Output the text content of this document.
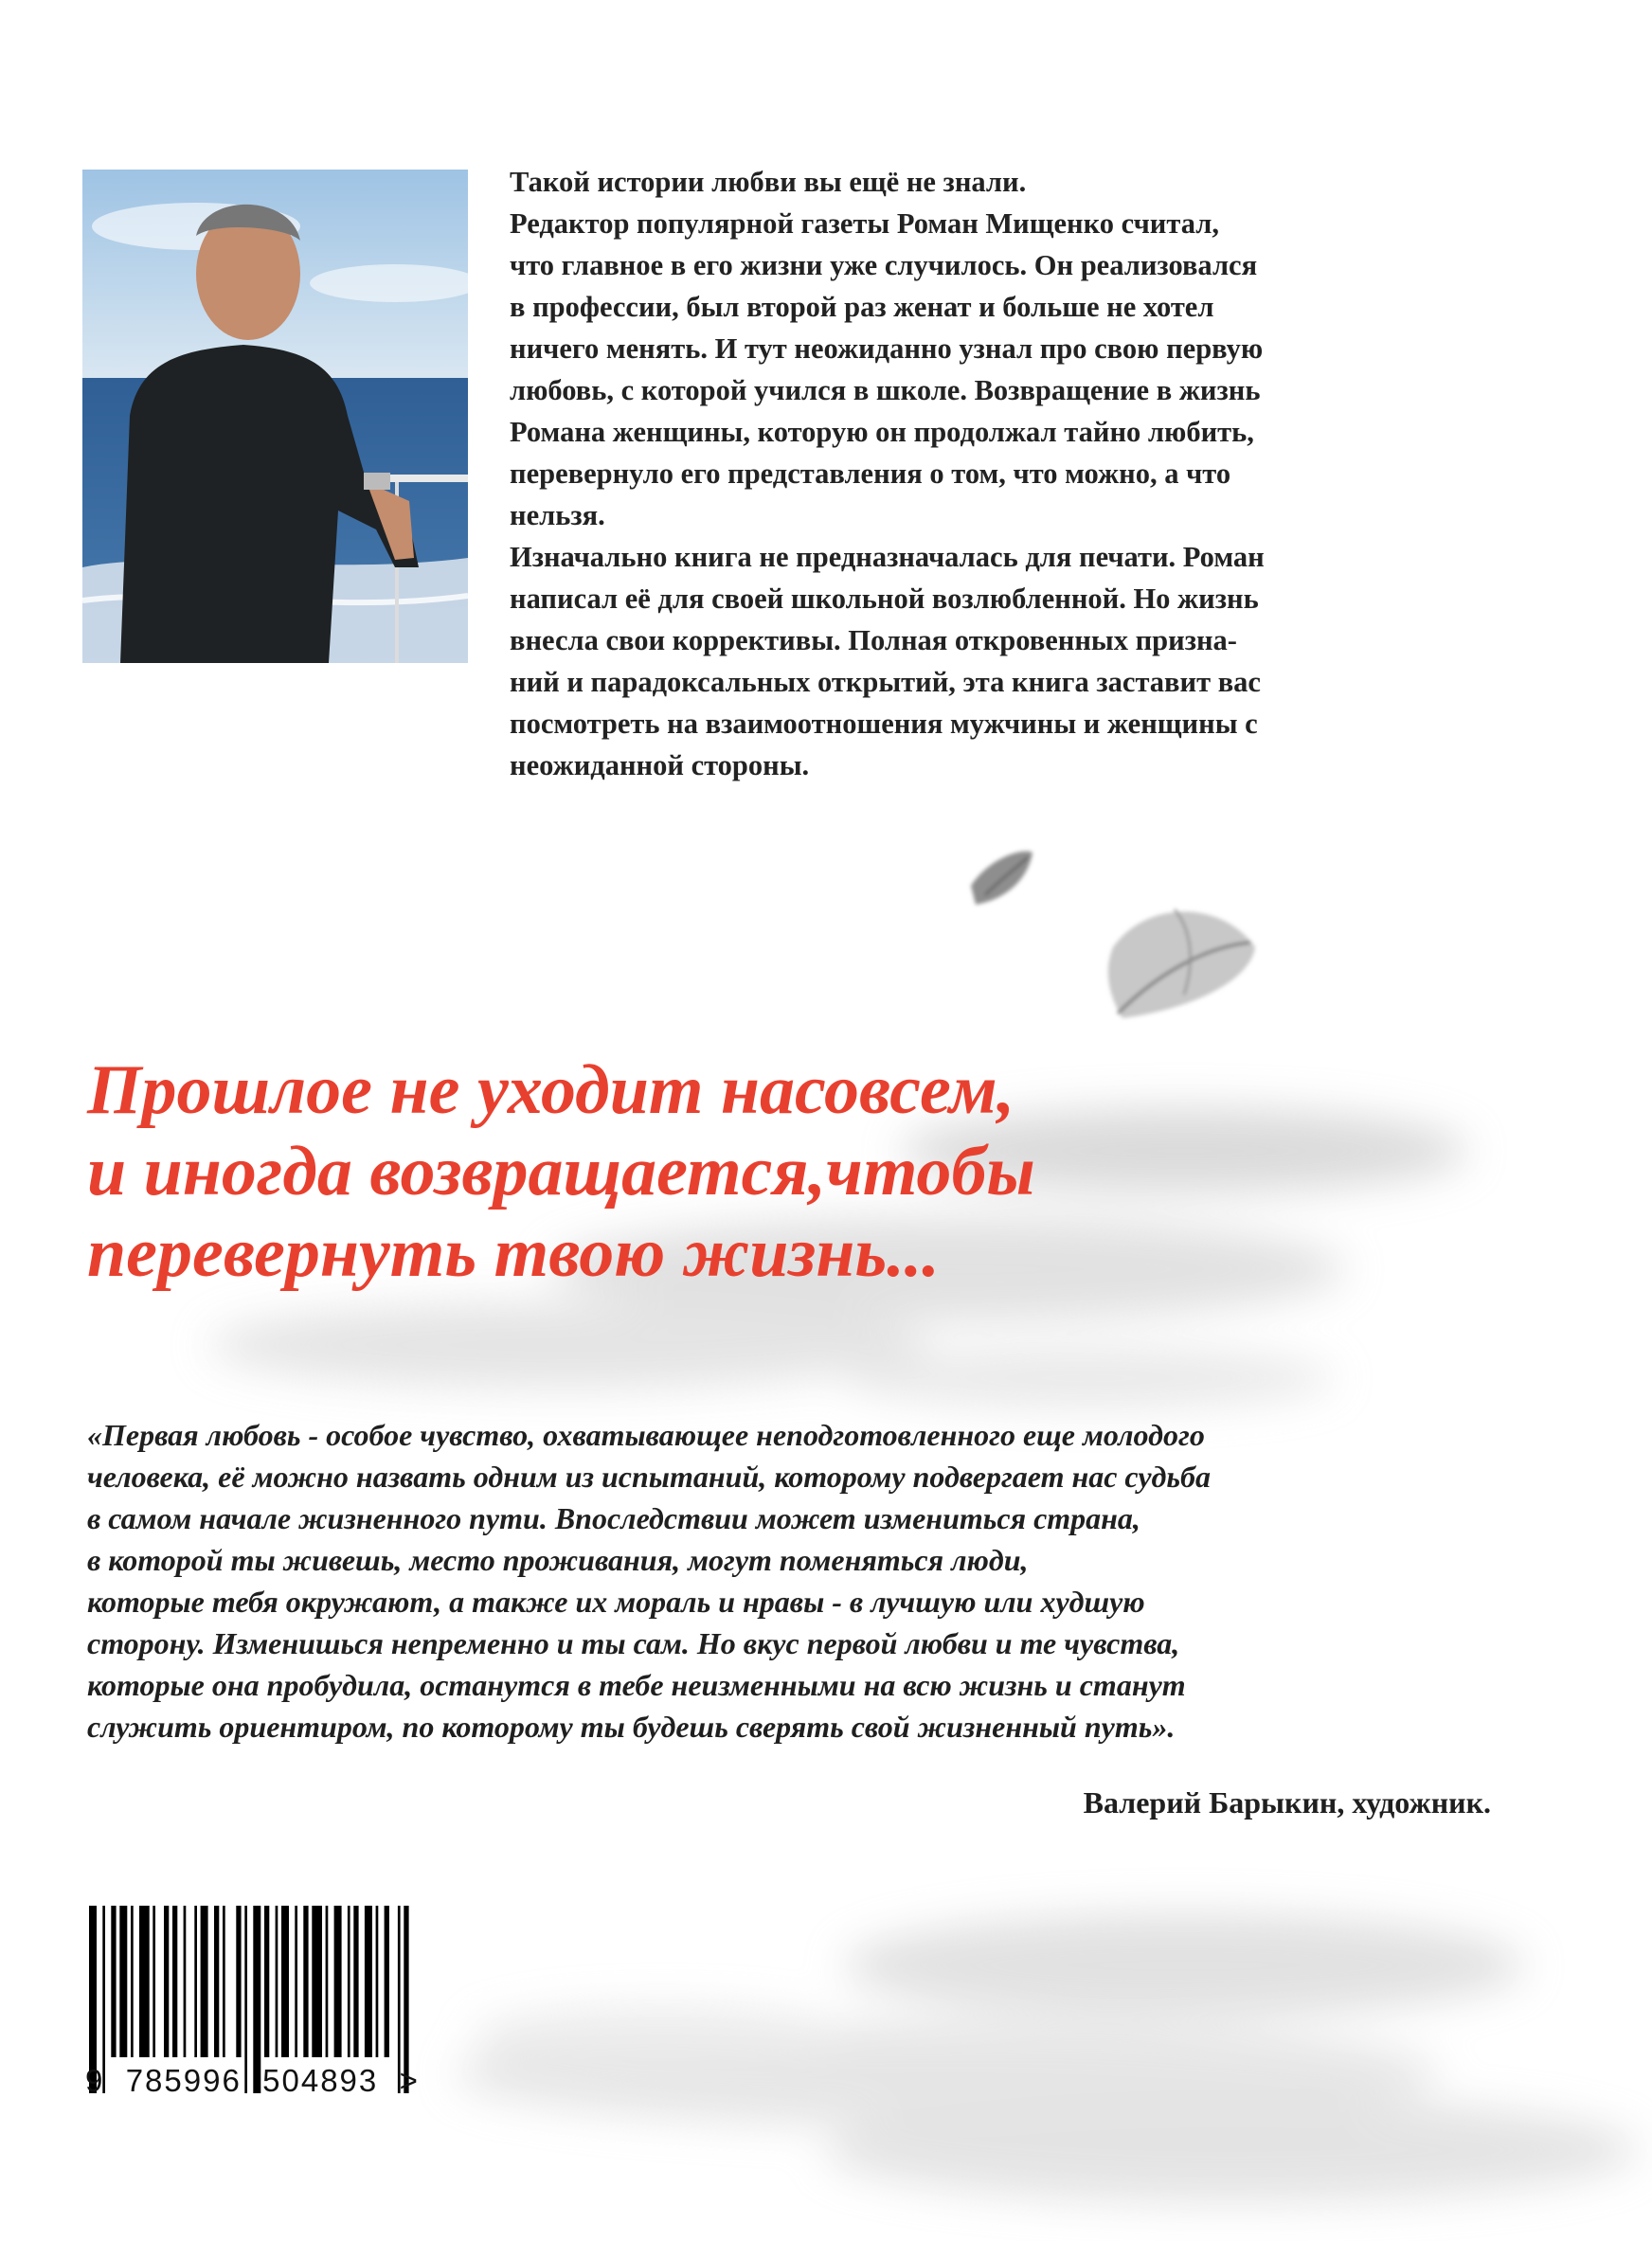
Такой истории любви вы ещё не знали.
Редактор популярной газеты Роман Мищенко считал,
что главное в его жизни уже случилось. Он реализовался
в профессии, был второй раз женат и больше не хотел
ничего менять. И тут неожиданно узнал про свою первую
любовь, с которой учился в школе. Возвращение в жизнь
Романа женщины, которую он продолжал тайно любить,
перевернуло его представления о том, что можно, а что
нельзя.
Изначально книга не предназначалась для печати. Роман
написал её для своей школьной возлюбленной. Но жизнь
внесла свои коррективы. Полная откровенных призна-
ний и парадоксальных открытий, эта книга заставит вас
посмотреть на взаимоотношения мужчины и женщины с
неожиданной стороны.
Прошлое не уходит насовсем,
и иногда возвращается,чтобы
перевернуть твою жизнь...
«Первая любовь - особое чувство, охватывающее неподготовленного еще молодого
человека, её можно назвать одним из испытаний, которому подвергает нас судьба
в самом начале жизненного пути. Впоследствии может измениться страна,
в которой ты живешь, место проживания, могут поменяться люди,
которые тебя окружают, а также их мораль и нравы - в лучшую или худшую
сторону. Изменишься непременно и ты сам. Но вкус первой любви и те чувства,
которые она пробудила, останутся в тебе неизменными на всю жизнь и станут
служить ориентиром, по которому ты будешь сверять свой жизненный путь».
Валерий Барыкин, художник.
9  785996  504893  >
